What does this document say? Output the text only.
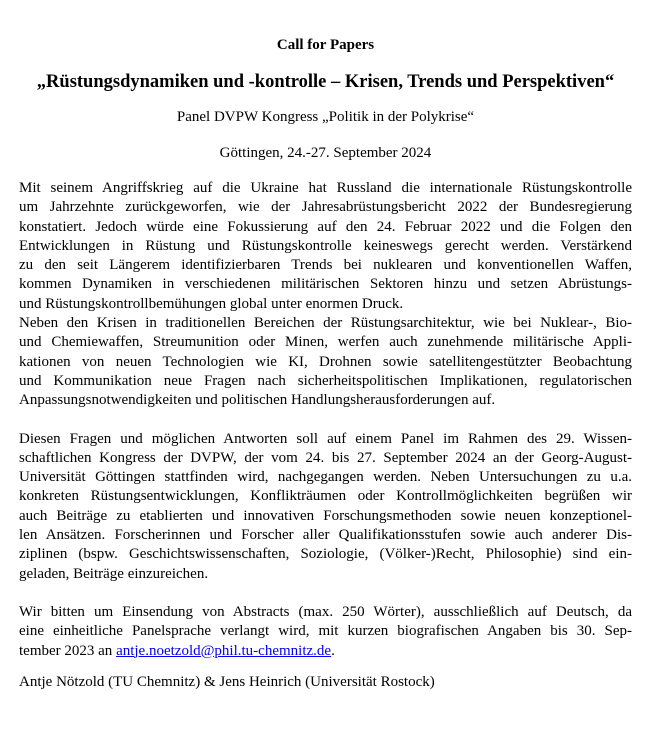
Call for Papers
„Rüstungsdynamiken und -kontrolle – Krisen, Trends und Perspektiven“
Panel DVPW Kongress „Politik in der Polykrise“
Göttingen, 24.-27. September 2024
Mit seinem Angriffskrieg auf die Ukraine hat Russland die internationale Rüstungskontrolle
um Jahrzehnte zurückgeworfen, wie der Jahresabrüstungsbericht 2022 der Bundesregierung
konstatiert. Jedoch würde eine Fokussierung auf den 24. Februar 2022 und die Folgen den
Entwicklungen in Rüstung und Rüstungskontrolle keineswegs gerecht werden. Verstärkend
zu den seit Längerem identifizierbaren Trends bei nuklearen und konventionellen Waffen,
kommen Dynamiken in verschiedenen militärischen Sektoren hinzu und setzen Abrüstungs-
und Rüstungskontrollbemühungen global unter enormen Druck.
Neben den Krisen in traditionellen Bereichen der Rüstungsarchitektur, wie bei Nuklear-, Bio-
und Chemiewaffen, Streumunition oder Minen, werfen auch zunehmende militärische Appli-
kationen von neuen Technologien wie KI, Drohnen sowie satellitengestützter Beobachtung
und Kommunikation neue Fragen nach sicherheitspolitischen Implikationen, regulatorischen
Anpassungsnotwendigkeiten und politischen Handlungsherausforderungen auf.
Diesen Fragen und möglichen Antworten soll auf einem Panel im Rahmen des 29. Wissen-
schaftlichen Kongress der DVPW, der vom 24. bis 27. September 2024 an der Georg-August-
Universität Göttingen stattfinden wird, nachgegangen werden. Neben Untersuchungen zu u.a.
konkreten Rüstungsentwicklungen, Konflikträumen oder Kontrollmöglichkeiten begrüßen wir
auch Beiträge zu etablierten und innovativen Forschungsmethoden sowie neuen konzeptionel-
len Ansätzen. Forscherinnen und Forscher aller Qualifikationsstufen sowie auch anderer Dis-
ziplinen (bspw. Geschichtswissenschaften, Soziologie, (Völker-)Recht, Philosophie) sind ein-
geladen, Beiträge einzureichen.
Wir bitten um Einsendung von Abstracts (max. 250 Wörter), ausschließlich auf Deutsch, da
eine einheitliche Panelsprache verlangt wird, mit kurzen biografischen Angaben bis 30. Sep-
tember 2023 an antje.noetzold@phil.tu-chemnitz.de.
Antje Nötzold (TU Chemnitz) & Jens Heinrich (Universität Rostock)
